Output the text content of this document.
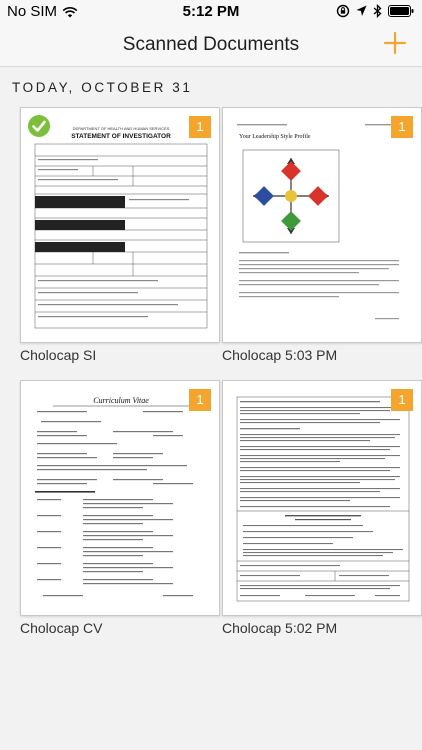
No SIM	5:12 PM
Scanned Documents
TODAY, OCTOBER 31
DEPARTMENT OF HEALTH AND HUMAN SERVICES
STATEMENT OF INVESTIGATOR
1
Cholocap SI
Your Leadership Style Profile
1
Cholocap 5:03 PM
Curriculum Vitae	1
Cholocap CV
1
Cholocap 5:02 PM
